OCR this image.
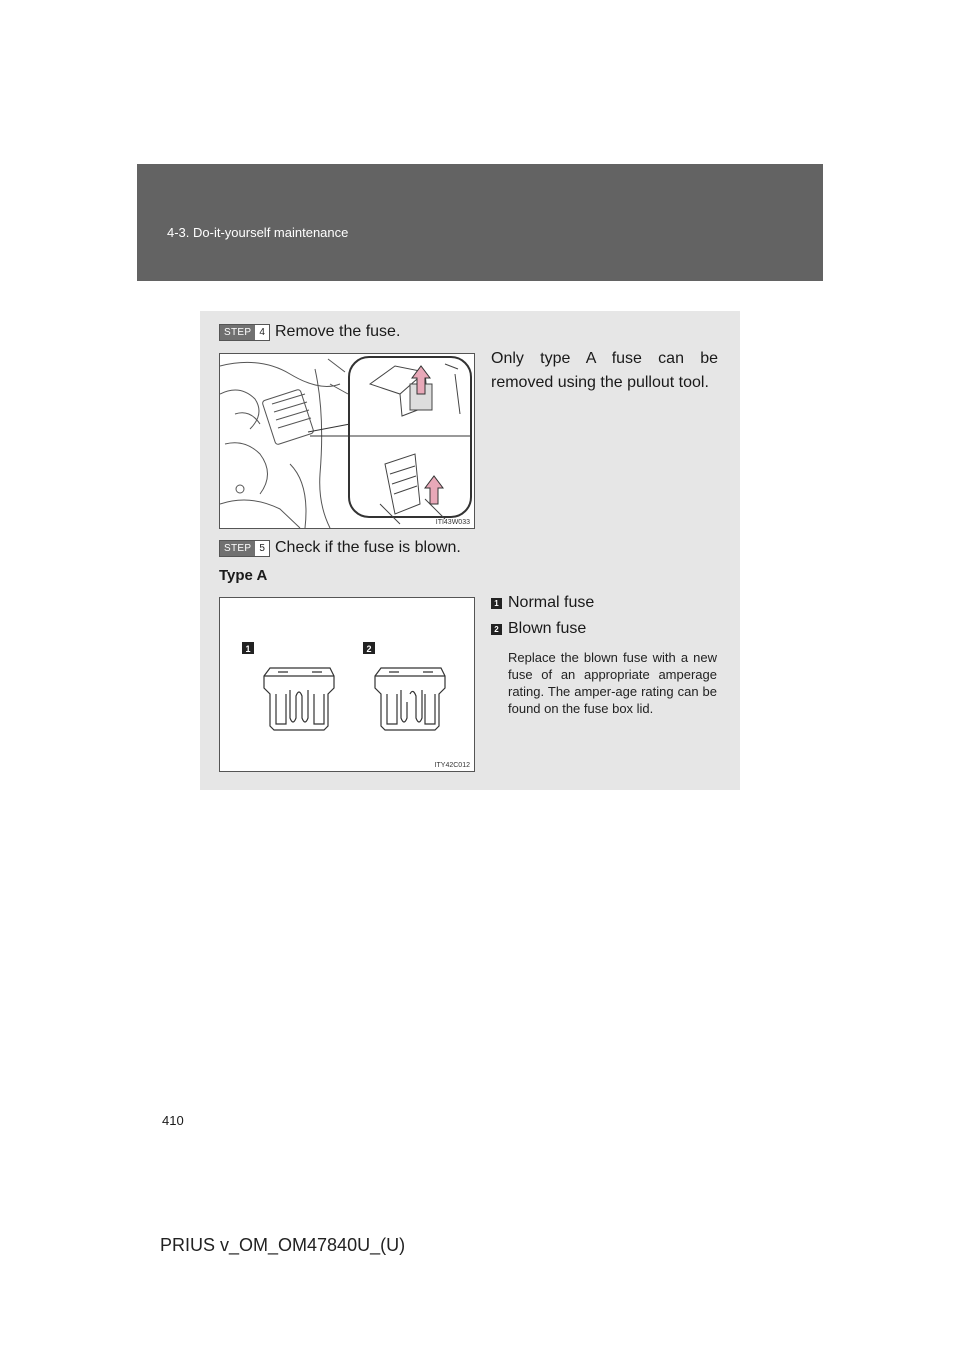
4-3. Do-it-yourself maintenance
STEP 4 Remove the fuse.
ITI43W033

Only type A fuse can be removed using the pullout tool.

STEP 5 Check if the fuse is blown.
Type A
1	2
ITY42C012
1 Normal fuse
2 Blown fuse

Replace the blown fuse with a new fuse of an appropriate amperage rating. The amper-age rating can be found on the fuse box lid.

410
PRIUS v_OM_OM47840U_(U)
